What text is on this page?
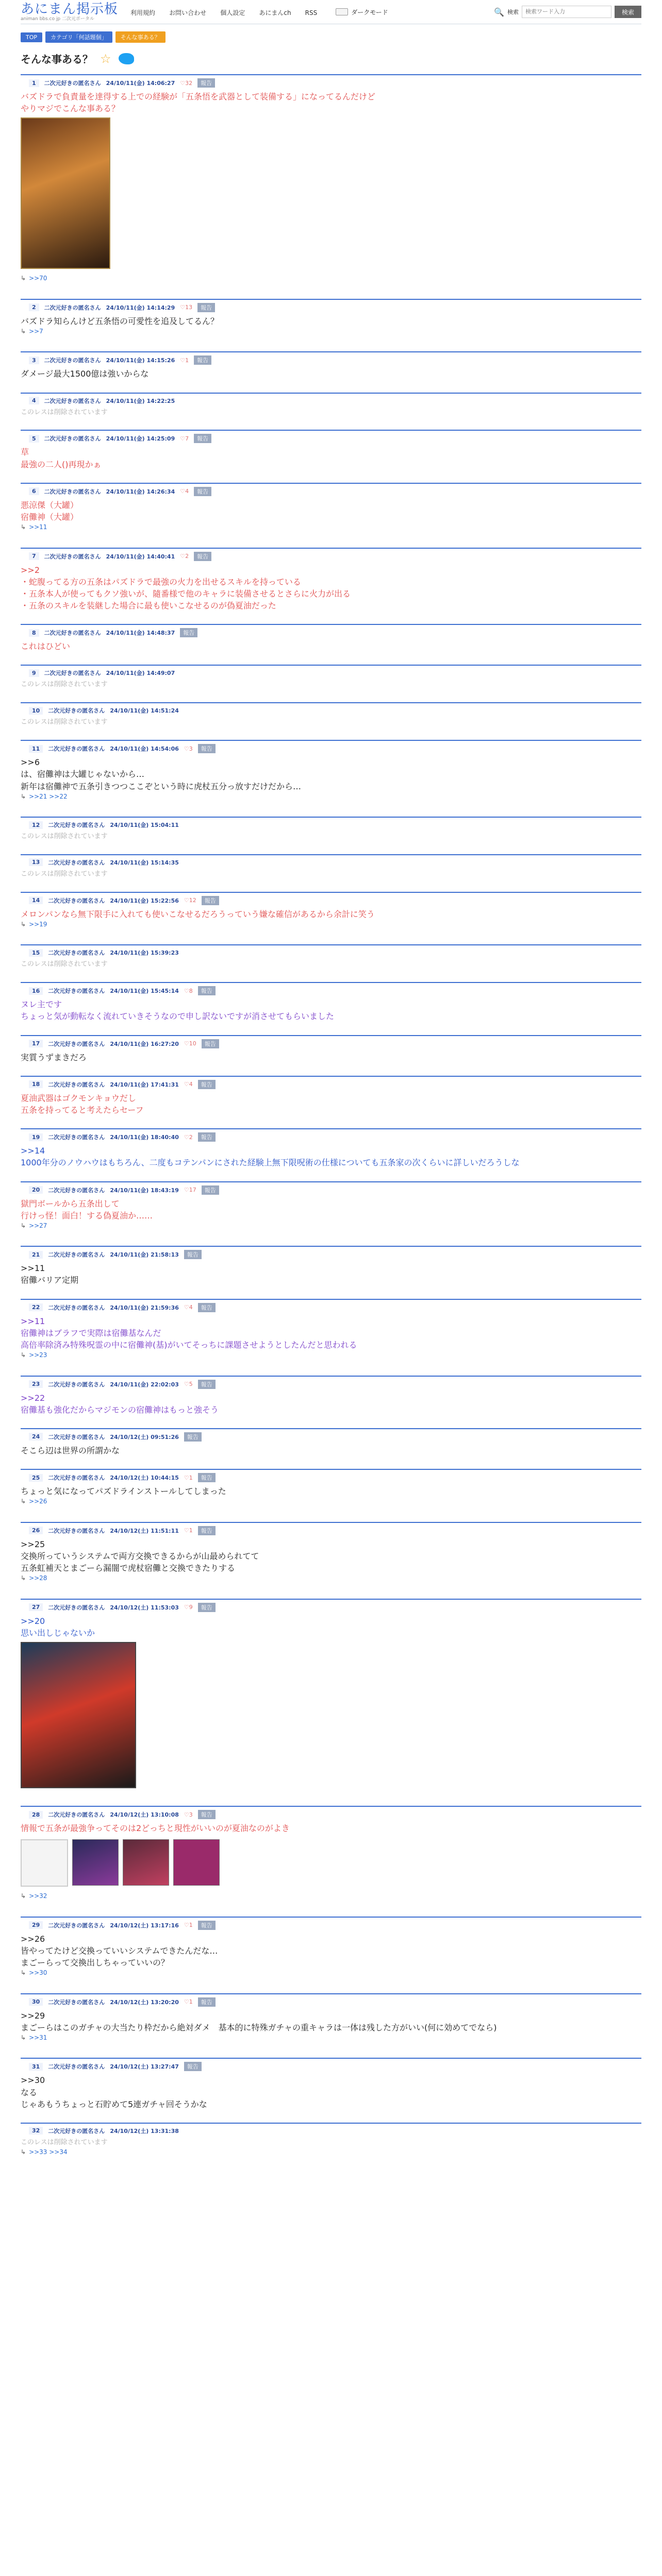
あにまん掲示板
animan bbs.co jp 二次元ポータル
利用規約 お問い合わせ 個人設定 あにまんch RSS	ダークモード	🔍 検索
検索ワード入力	検索
TOP	カテゴリ「何話題個」	そんな事ある？
そんな事ある？ ☆
1	二次元好きの匿名さん 24/10/11(金) 14:06:27 ♡32	報告
バズドラで負責量を達得する上での経験が「五条悟を武器として装備する」になってるんだけど
やりマジでこんな事ある？
↳ >>70
2	二次元好きの匿名さん 24/10/11(金) 14:14:29 ♡13	報告
バズドラ知らんけど五条悟の可愛性を追及してるん？
↳ >>7
3	二次元好きの匿名さん 24/10/11(金) 14:15:26 ♡1	報告
ダメージ最大1500億は強いからな
4	二次元好きの匿名さん 24/10/11(金) 14:22:25
このレスは削除されています
5	二次元好きの匿名さん 24/10/11(金) 14:25:09 ♡7	報告
草
最強の二人()再現かぁ
6	二次元好きの匿名さん 24/10/11(金) 14:26:34 ♡4	報告
悪涼傑（大罐）
宿儺神（大罐）
↳ >>11
7	二次元好きの匿名さん 24/10/11(金) 14:40:41 ♡2	報告
>>2
・蛇腹ってる方の五条はパズドラで最強の火力を出せるスキルを持っている
・五条本人が使ってもクソ強いが、隨番様で他のキャラに装備させるとさらに火力が出る
・五条のスキルを装継した場合に最も使いこなせるのが偽夏油だった
8	二次元好きの匿名さん 24/10/11(金) 14:48:37	報告
これはひどい
9	二次元好きの匿名さん 24/10/11(金) 14:49:07
このレスは削除されています
10	二次元好きの匿名さん 24/10/11(金) 14:51:24
このレスは削除されています
11	二次元好きの匿名さん 24/10/11(金) 14:54:06 ♡3	報告
>>6
は、宿儺神は大罐じゃないから…
新年は宿儺神で五条引きつつここぞという時に虎杖五分っ放すだけだから…
↳ >>21 >>22
12	二次元好きの匿名さん 24/10/11(金) 15:04:11
このレスは削除されています
13	二次元好きの匿名さん 24/10/11(金) 15:14:35
このレスは削除されています
14	二次元好きの匿名さん 24/10/11(金) 15:22:56 ♡12	報告
メロンパンなら無下限手に入れても使いこなせるだろうっていう嫌な確信があるから余計に笑う
↳ >>19
15	二次元好きの匿名さん 24/10/11(金) 15:39:23
このレスは削除されています
16	二次元好きの匿名さん 24/10/11(金) 15:45:14 ♡8	報告
ヌレ主です
ちょっと気が動転なく流れていきそうなので申し訳ないですが消させてもらいました
17	二次元好きの匿名さん 24/10/11(金) 16:27:20 ♡10	報告
実質うずまきだろ
18	二次元好きの匿名さん 24/10/11(金) 17:41:31 ♡4	報告
夏油武器はゴクモンキョウだし
五条を持ってると考えたらセーフ
19	二次元好きの匿名さん 24/10/11(金) 18:40:40 ♡2	報告
>>14
1000年分のノウハウはもちろん、二度もコテンパンにされた経験上無下限呪術の仕様についても五条家の次くらいに詳しいだろうしな
20	二次元好きの匿名さん 24/10/11(金) 18:43:19 ♡17	報告
獄門ボールから五条出して
行けっ怪！面白！する偽夏油か……
↳ >>27
21	二次元好きの匿名さん 24/10/11(金) 21:58:13	報告
>>11
宿儺バリア定期
22	二次元好きの匿名さん 24/10/11(金) 21:59:36 ♡4	報告
>>11
宿儺神はブラフで実際は宿儺基なんだ
高倍率除済み特殊呪霊の中に宿儺神(基)がいてそっちに課題させようとしたんだと思われる
↳ >>23
23	二次元好きの匿名さん 24/10/11(金) 22:02:03 ♡5	報告
>>22
宿儺基も強化だからマジモンの宿儺神はもっと強そう
24	二次元好きの匿名さん 24/10/12(土) 09:51:26	報告
そこら辺は世界の所謂かな
25	二次元好きの匿名さん 24/10/12(土) 10:44:15 ♡1	報告
ちょっと気になってパズドラインストールしてしまった
↳ >>26
26	二次元好きの匿名さん 24/10/12(土) 11:51:11 ♡1	報告
>>25
交換所っていうシステムで両方交換できるからが山最められてて
五条虹補天とまごーら漏闇で虎杖宿儺と交換できたりする
↳ >>28
27	二次元好きの匿名さん 24/10/12(土) 11:53:03 ♡9	報告
>>20
思い出しじゃないか
28	二次元好きの匿名さん 24/10/12(土) 13:10:08 ♡3	報告
情報で五条が最強争ってそのは2どっちと現性がいいのが夏油なのがよき
↳ >>32
29	二次元好きの匿名さん 24/10/12(土) 13:17:16 ♡1	報告
>>26
皆やってたけど交換っていいシステムできたんだな…
まごーらって交換出しちゃっていいの？
↳ >>30
30	二次元好きの匿名さん 24/10/12(土) 13:20:20 ♡1	報告
>>29
まごーらはこのガチャの大当たり枠だから絶対ダメ　基本的に特殊ガチャの重キャラは一体は残した方がいい(何に効めてでなら)
↳ >>31
31	二次元好きの匿名さん 24/10/12(土) 13:27:47	報告
>>30
なる
じゃあもうちょっと石貯めて5連ガチャ回そうかな
32	二次元好きの匿名さん 24/10/12(土) 13:31:38
このレスは削除されています
↳ >>33 >>34
